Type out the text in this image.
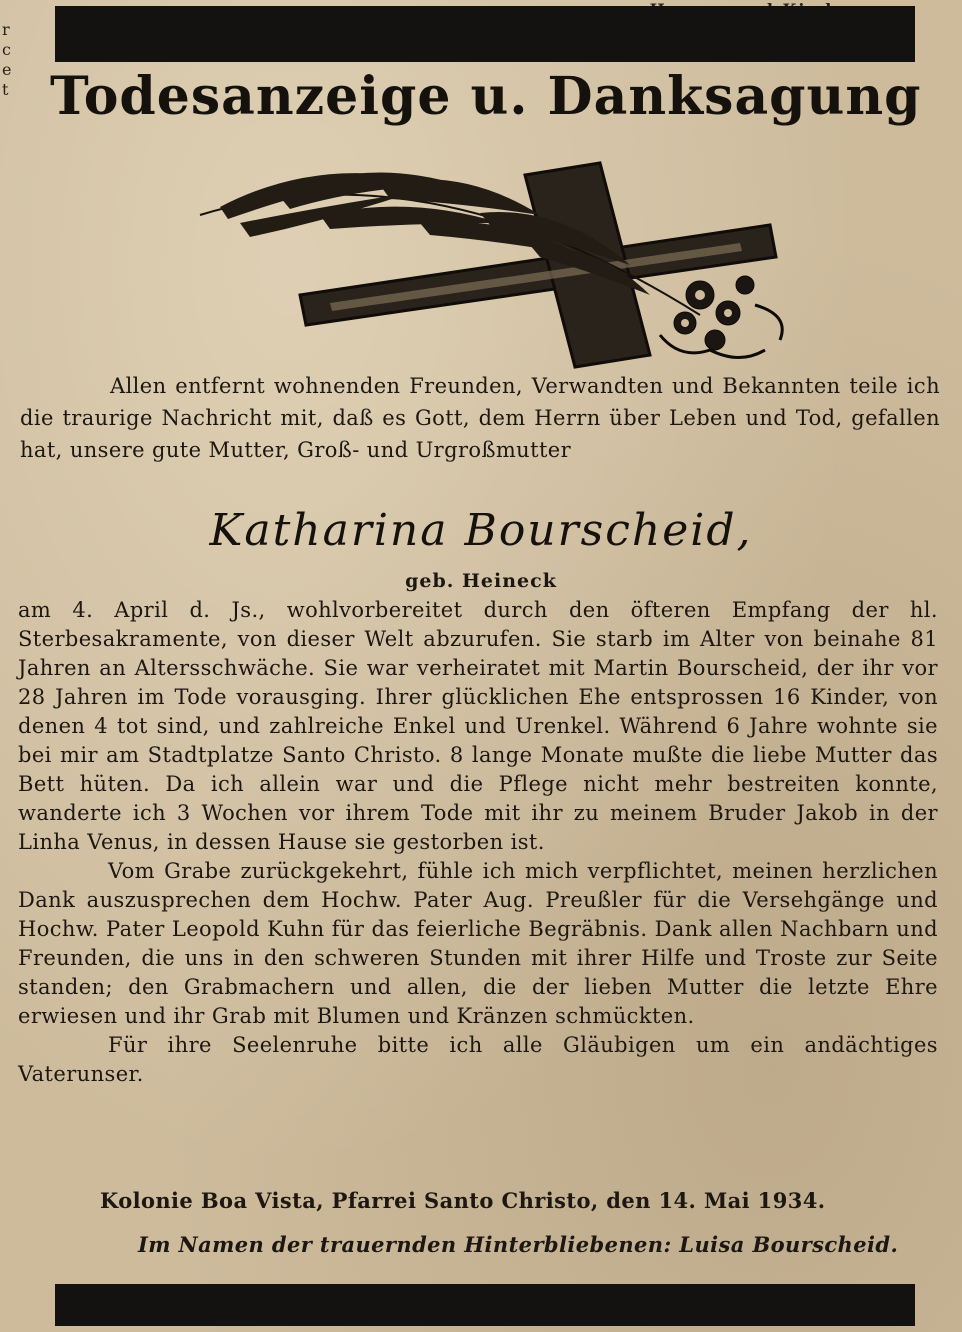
r
c
e
t Todesanzeige u. Danksagung
Allen entfernt wohnenden Freunden, Verwandten und Bekannten teile ich die traurige Nachricht mit, daß es Gott, dem Herrn über Leben und Tod, gefallen hat, unsere gute Mutter, Groß- und Urgroßmutter
Katharina Bourscheid,
geb. Heineck

am 4. April d. Js., wohlvorbereitet durch den öfteren Empfang der hl. Sterbesakramente, von dieser Welt abzurufen. Sie starb im Alter von beinahe 81 Jahren an Altersschwäche. Sie war verheiratet mit Martin Bourscheid, der ihr vor 28 Jahren im Tode vorausging. Ihrer glücklichen Ehe entsprossen 16 Kinder, von denen 4 tot sind, und zahlreiche Enkel und Urenkel. Während 6 Jahre wohnte sie bei mir am Stadtplatze Santo Christo. 8 lange Monate mußte die liebe Mutter das Bett hüten. Da ich allein war und die Pflege nicht mehr bestreiten konnte, wanderte ich 3 Wochen vor ihrem Tode mit ihr zu meinem Bruder Jakob in der Linha Venus, in dessen Hause sie gestorben ist.

Vom Grabe zurückgekehrt, fühle ich mich verpflichtet, meinen herzlichen Dank auszusprechen dem Hochw. Pater Aug. Preußler für die Versehgänge und Hochw. Pater Leopold Kuhn für das feierliche Begräbnis. Dank allen Nachbarn und Freunden, die uns in den schweren Stunden mit ihrer Hilfe und Troste zur Seite standen; den Grabmachern und allen, die der lieben Mutter die letzte Ehre erwiesen und ihr Grab mit Blumen und Kränzen schmückten.

Für ihre Seelenruhe bitte ich alle Gläubigen um ein andächtiges Vaterunser.

Kolonie Boa Vista, Pfarrei Santo Christo, den 14. Mai 1934.
Im Namen der trauernden Hinterbliebenen: Luisa Bourscheid.
